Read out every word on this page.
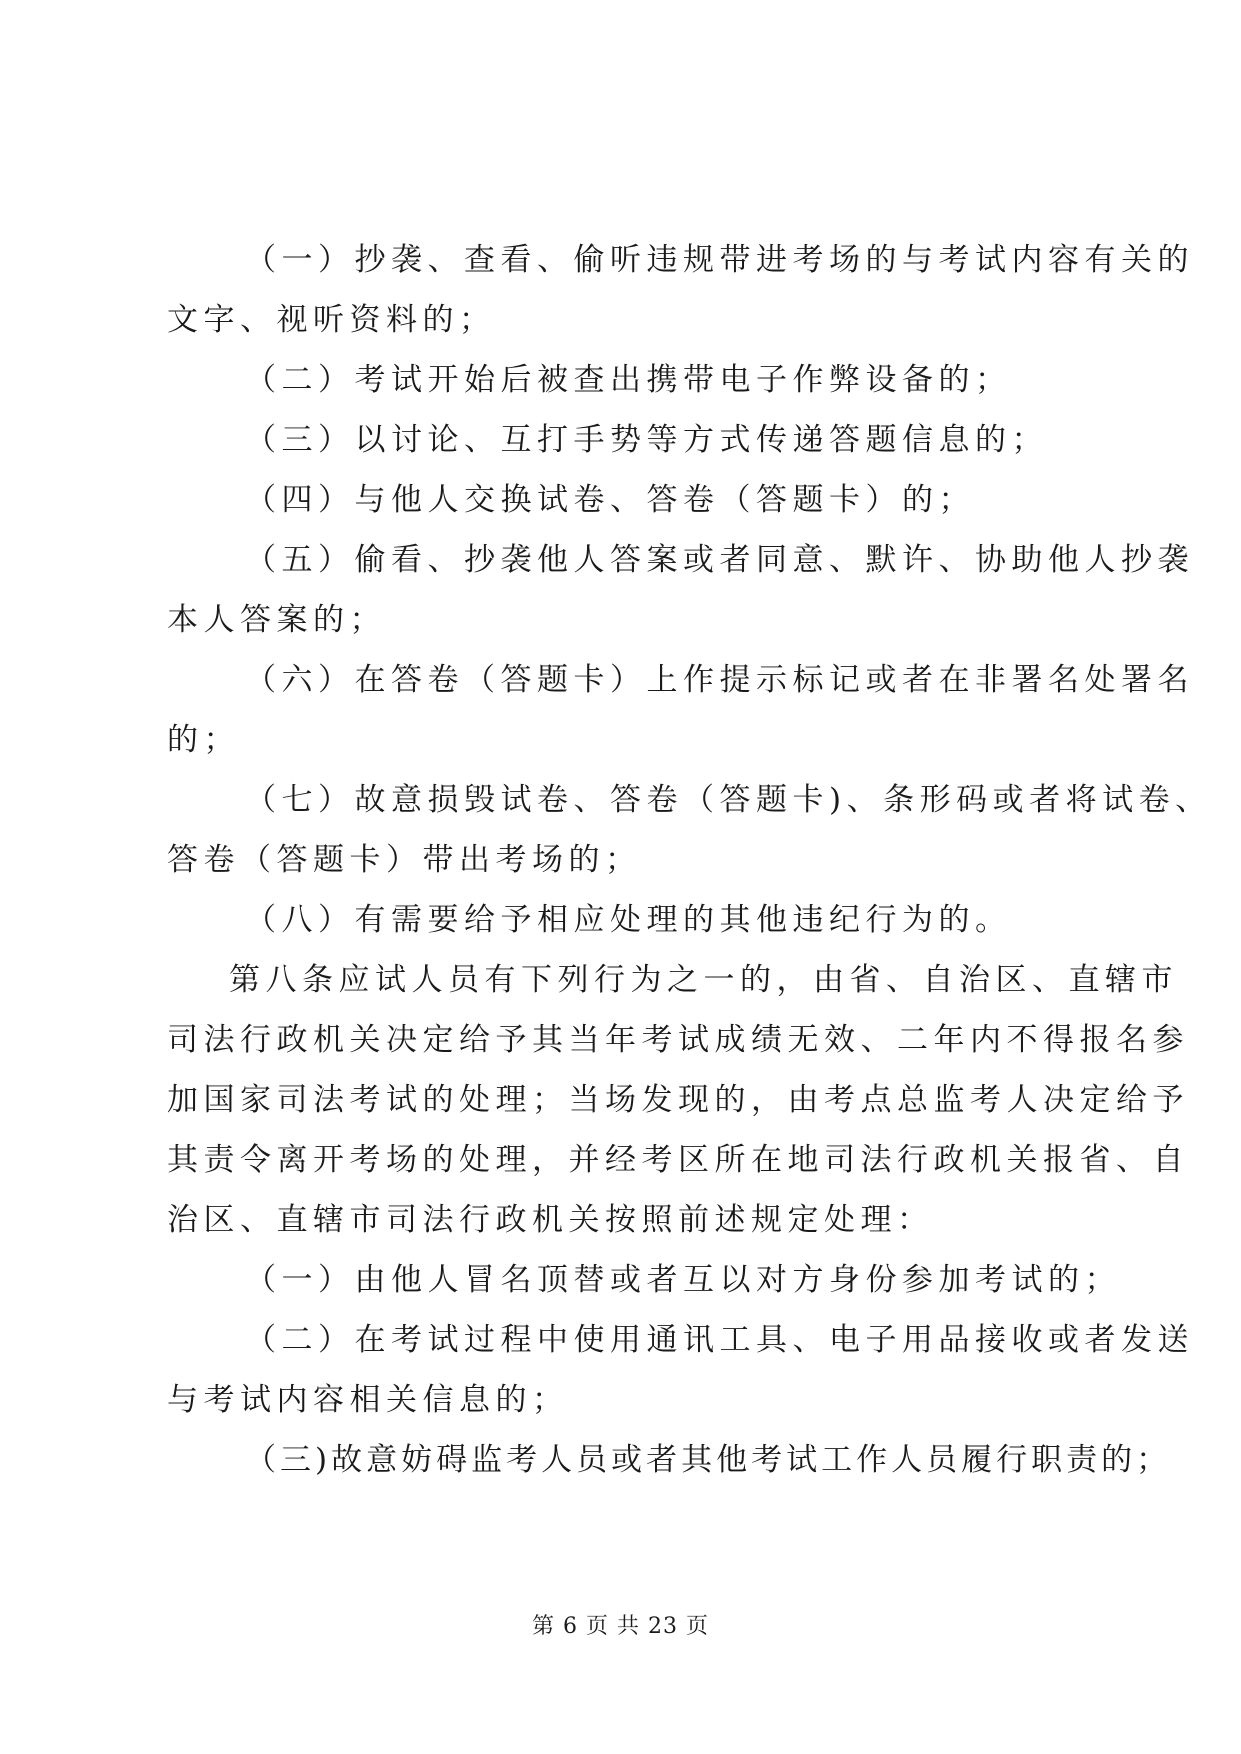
（一）抄袭、查看、偷听违规带进考场的与考试内容有关的
文字、视听资料的；
（二）考试开始后被查出携带电子作弊设备的；
（三）以讨论、互打手势等方式传递答题信息的；
（四）与他人交换试卷、答卷（答题卡）的；
（五）偷看、抄袭他人答案或者同意、默许、协助他人抄袭
本人答案的；
（六）在答卷（答题卡）上作提示标记或者在非署名处署名
的；
（七）故意损毁试卷、答卷（答题卡)、条形码或者将试卷、
答卷（答题卡）带出考场的；
（八）有需要给予相应处理的其他违纪行为的。
第八条应试人员有下列行为之一的，由省、自治区、直辖市
司法行政机关决定给予其当年考试成绩无效、二年内不得报名参
加国家司法考试的处理；当场发现的，由考点总监考人决定给予
其责令离开考场的处理，并经考区所在地司法行政机关报省、自
治区、直辖市司法行政机关按照前述规定处理：
（一）由他人冒名顶替或者互以对方身份参加考试的；
（二）在考试过程中使用通讯工具、电子用品接收或者发送
与考试内容相关信息的；
（三)故意妨碍监考人员或者其他考试工作人员履行职责的；
第 6 页 共 23 页
